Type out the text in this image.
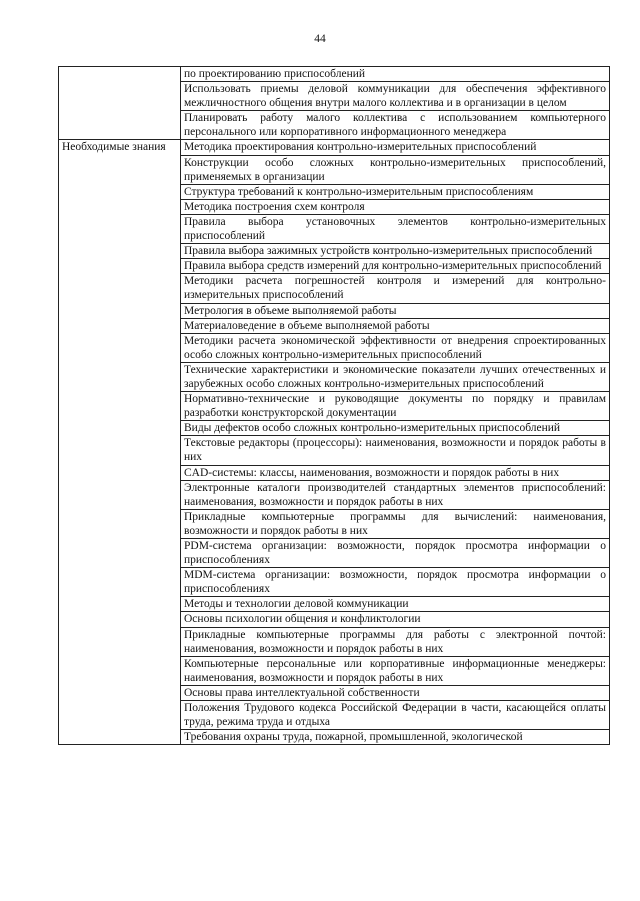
44
	по проектированию приспособлений
	Использовать приемы деловой коммуникации для обеспечения эффективного межличностного общения внутри малого коллектива и в организации в целом
	Планировать работу малого коллектива с использованием компьютерного персонального или корпоративного информационного менеджера
Необходимые знания	Методика проектирования контрольно-измерительных приспособлений
	Конструкции особо сложных контрольно-измерительных приспособлений, применяемых в организации
	Структура требований к контрольно-измерительным приспособлениям
	Методика построения схем контроля
	Правила выбора установочных элементов контрольно-измерительных приспособлений
	Правила выбора зажимных устройств контрольно-измерительных приспособлений
	Правила выбора средств измерений для контрольно-измерительных приспособлений
	Методики расчета погрешностей контроля и измерений для контрольно-измерительных приспособлений
	Метрология в объеме выполняемой работы
	Материаловедение в объеме выполняемой работы
	Методики расчета экономической эффективности от внедрения спроектированных особо сложных контрольно-измерительных приспособлений
	Технические характеристики и экономические показатели лучших отечественных и зарубежных особо сложных контрольно-измерительных приспособлений
	Нормативно-технические и руководящие документы по порядку и правилам разработки конструкторской документации
	Виды дефектов особо сложных контрольно-измерительных приспособлений
	Текстовые редакторы (процессоры): наименования, возможности и порядок работы в них
	CAD-системы: классы, наименования, возможности и порядок работы в них
	Электронные каталоги производителей стандартных элементов приспособлений: наименования, возможности и порядок работы в них
	Прикладные компьютерные программы для вычислений: наименования, возможности и порядок работы в них
	PDM-система организации: возможности, порядок просмотра информации о приспособлениях
	MDM-система организации: возможности, порядок просмотра информации о приспособлениях
	Методы и технологии деловой коммуникации
	Основы психологии общения и конфликтологии
	Прикладные компьютерные программы для работы с электронной почтой: наименования, возможности и порядок работы в них
	Компьютерные персональные или корпоративные информационные менеджеры: наименования, возможности и порядок работы в них
	Основы права интеллектуальной собственности
	Положения Трудового кодекса Российской Федерации в части, касающейся оплаты труда, режима труда и отдыха
	Требования охраны труда, пожарной, промышленной, экологической
